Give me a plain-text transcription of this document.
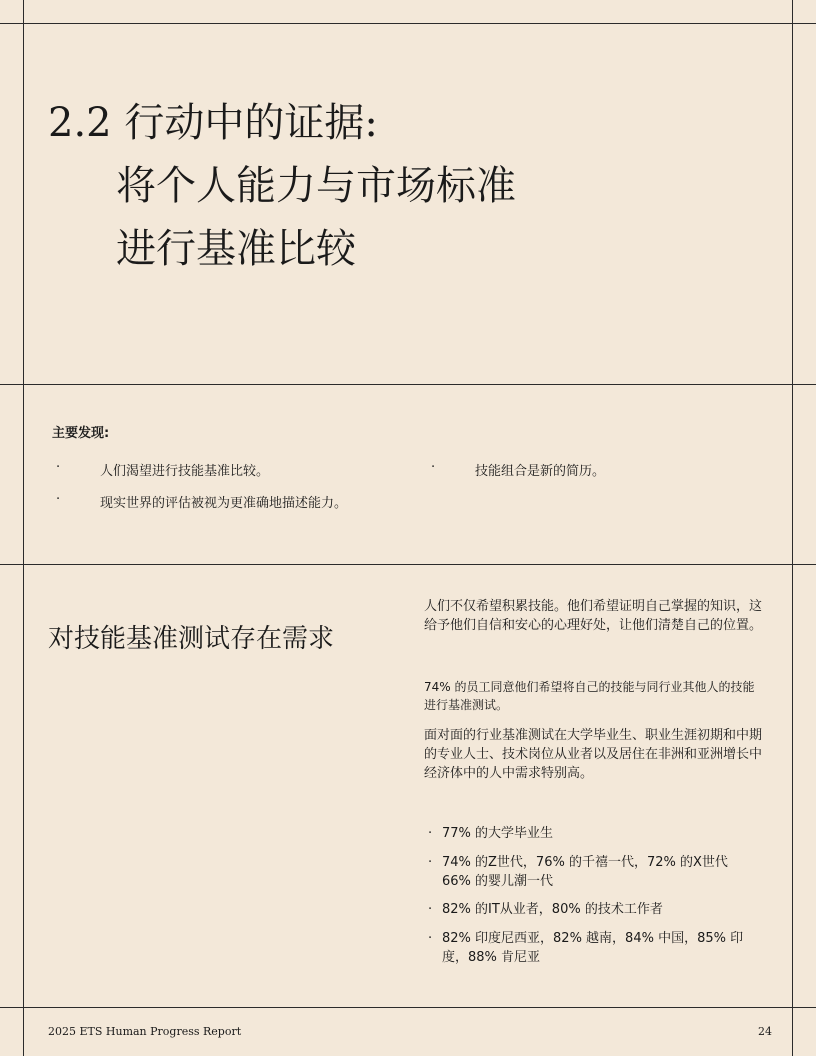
2.2 行动中的证据:
将个人能力与市场标准
进行基准比较
主要发现:
·	人们渴望进行技能基准比较。	·	技能组合是新的简历。
·	现实世界的评估被视为更准确地描述能力。
对技能基准测试存在需求

人们不仅希望积累技能。他们希望证明自己掌握的知识，这给予他们自信和安心的心理好处，让他们清楚自己的位置。

74% 的员工同意他们希望将自己的技能与同行业其他人的技能进行基准测试。

面对面的行业基准测试在大学毕业生、职业生涯初期和中期的专业人士、技术岗位从业者以及居住在非洲和亚洲增长中经济体中的人中需求特别高。

· 77% 的大学毕业生
· 74% 的Z世代，76% 的千禧一代，72% 的X世代 66% 的婴儿潮一代
· 82% 的IT从业者，80% 的技术工作者
· 82% 印度尼西亚，82% 越南，84% 中国，85% 印度，88% 肯尼亚
2025 ETS Human Progress Report	24
